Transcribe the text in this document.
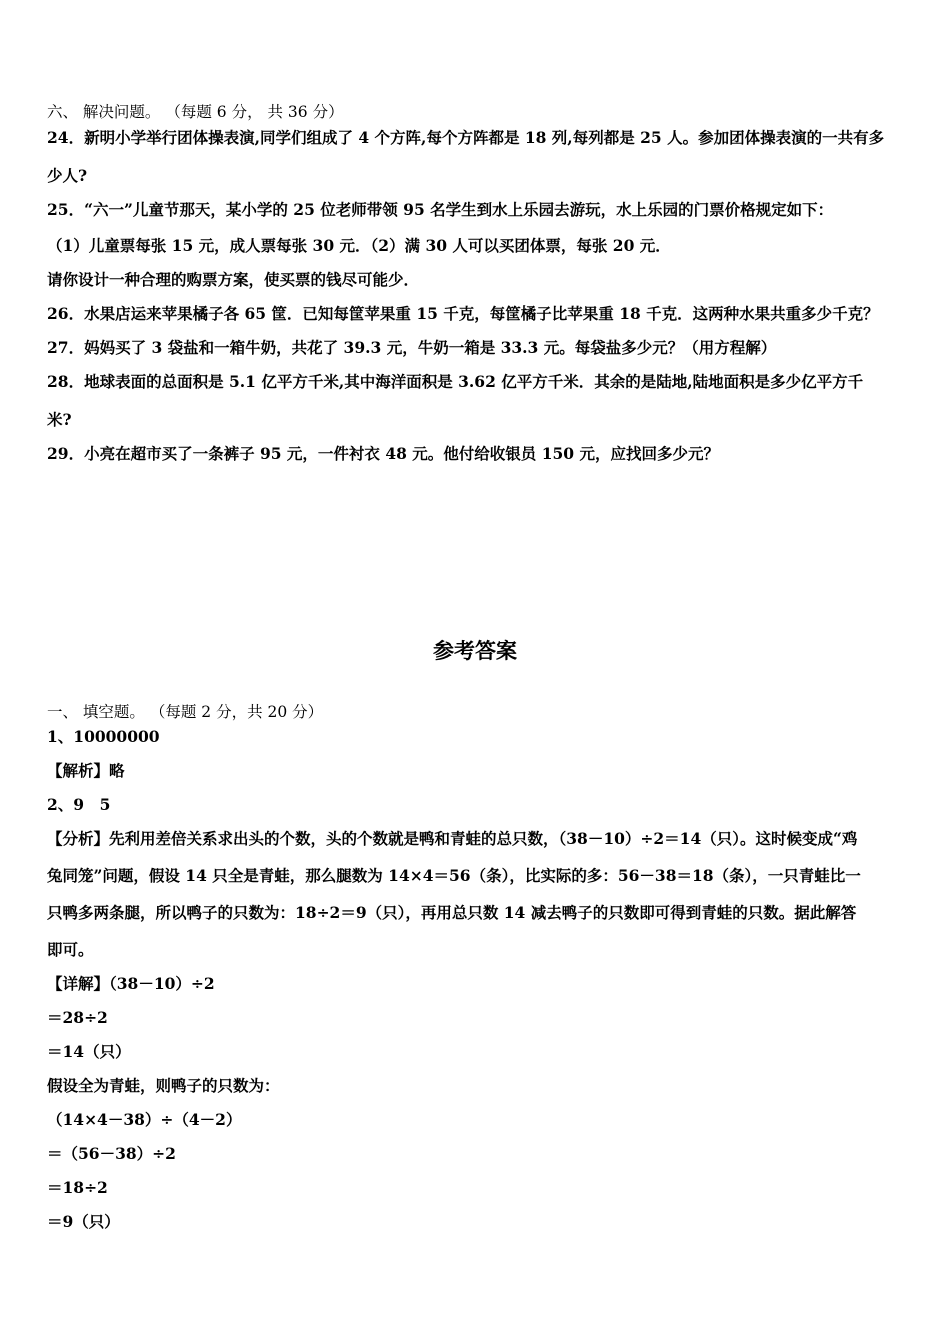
六、 解决问题。 （每题 6 分， 共 36 分）
24．新明小学举行团体操表演,同学们组成了 4 个方阵,每个方阵都是 18 列,每列都是 25 人。参加团体操表演的一共有多
少人?
25．“六一”儿童节那天，某小学的 25 位老师带领 95 名学生到水上乐园去游玩，水上乐园的门票价格规定如下：
（1）儿童票每张 15 元，成人票每张 30 元．（2）满 30 人可以买团体票，每张 20 元．
请你设计一种合理的购票方案，使买票的钱尽可能少．
26．水果店运来苹果橘子各 65 筐．已知每筐苹果重 15 千克，每筐橘子比苹果重 18 千克．这两种水果共重多少千克？
27．妈妈买了 3 袋盐和一箱牛奶，共花了 39.3 元，牛奶一箱是 33.3 元。每袋盐多少元？（用方程解）
28．地球表面的总面积是 5.1 亿平方千米,其中海洋面积是 3.62 亿平方千米．其余的是陆地,陆地面积是多少亿平方千
米?
29．小亮在超市买了一条裤子 95 元，一件衬衣 48 元。他付给收银员 150 元，应找回多少元？
参考答案
一、 填空题。 （每题 2 分，共 20 分）
1、10000000
【解析】略
2、9　5
【分析】先利用差倍关系求出头的个数，头的个数就是鸭和青蛙的总只数，（38－10）÷2＝14（只）。这时候变成“鸡
兔同笼”问题，假设 14 只全是青蛙，那么腿数为 14×4＝56（条），比实际的多：56－38＝18（条），一只青蛙比一
只鸭多两条腿，所以鸭子的只数为：18÷2＝9（只），再用总只数 14 减去鸭子的只数即可得到青蛙的只数。据此解答
即可。
【详解】（38－10）÷2
＝28÷2
＝14（只）
假设全为青蛙，则鸭子的只数为：
（14×4－38）÷（4－2）
＝（56－38）÷2
＝18÷2
＝9（只）
